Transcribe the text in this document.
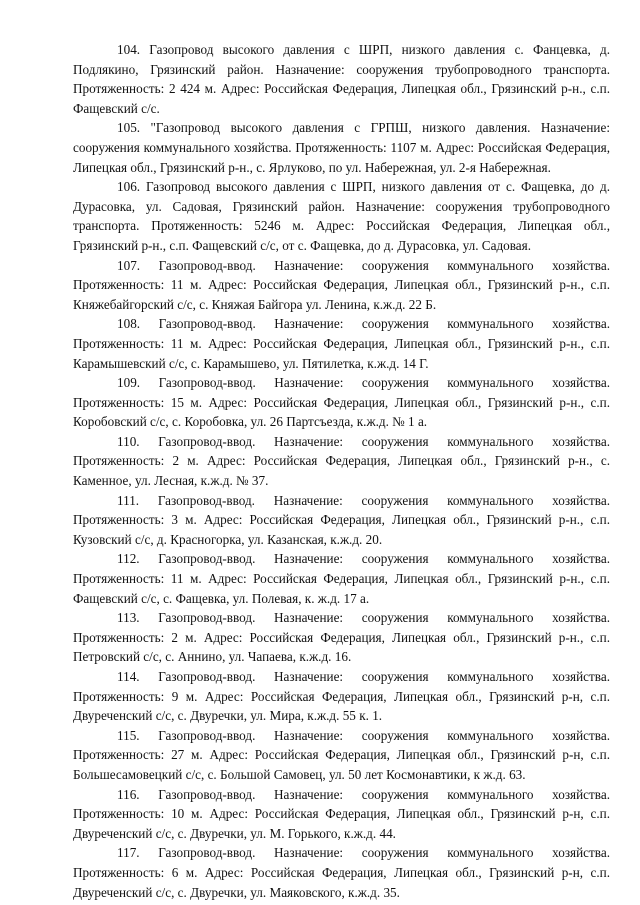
104. Газопровод высокого давления с ШРП, низкого давления с. Фанцевка, д. Подлякино, Грязинский район. Назначение: сооружения трубопроводного транспорта. Протяженность: 2 424 м. Адрес: Российская Федерация, Липецкая обл., Грязинский р-н., с.п. Фащевский с/с.

105. "Газопровод высокого давления с ГРПШ, низкого давления. Назначение: сооружения коммунального хозяйства. Протяженность: 1107 м. Адрес: Российская Федерация, Липецкая обл., Грязинский р-н., с. Ярлуково, по ул. Набережная, ул. 2-я Набережная.

106. Газопровод высокого давления с ШРП, низкого давления от с. Фащевка, до д. Дурасовка, ул. Садовая, Грязинский район. Назначение: сооружения трубопроводного транспорта. Протяженность: 5246 м. Адрес: Российская Федерация, Липецкая обл., Грязинский р-н., с.п. Фащевский с/с, от с. Фащевка, до д. Дурасовка, ул. Садовая.

107. Газопровод-ввод. Назначение: сооружения коммунального хозяйства. Протяженность: 11 м. Адрес: Российская Федерация, Липецкая обл., Грязинский р-н., с.п. Княжебайгорский с/с, с. Княжая Байгора ул. Ленина, к.ж.д. 22 Б.

108. Газопровод-ввод. Назначение: сооружения коммунального хозяйства. Протяженность: 11 м. Адрес: Российская Федерация, Липецкая обл., Грязинский р-н., с.п. Карамышевский с/с, с. Карамышево, ул. Пятилетка, к.ж.д. 14 Г.

109. Газопровод-ввод. Назначение: сооружения коммунального хозяйства. Протяженность: 15 м. Адрес: Российская Федерация, Липецкая обл., Грязинский р-н., с.п. Коробовский с/с, с. Коробовка, ул. 26 Партсъезда, к.ж.д. № 1 а.

110. Газопровод-ввод. Назначение: сооружения коммунального хозяйства. Протяженность: 2 м. Адрес: Российская Федерация, Липецкая обл., Грязинский р-н., с. Каменное, ул. Лесная, к.ж.д. № 37.

111. Газопровод-ввод. Назначение: сооружения коммунального хозяйства. Протяженность: 3 м. Адрес: Российская Федерация, Липецкая обл., Грязинский р-н., с.п. Кузовский с/с, д. Красногорка, ул. Казанская, к.ж.д. 20.

112. Газопровод-ввод. Назначение: сооружения коммунального хозяйства. Протяженность: 11 м. Адрес: Российская Федерация, Липецкая обл., Грязинский р-н., с.п. Фащевский с/с, с. Фащевка, ул. Полевая, к. ж.д. 17 а.

113. Газопровод-ввод. Назначение: сооружения коммунального хозяйства. Протяженность: 2 м. Адрес: Российская Федерация, Липецкая обл., Грязинский р-н., с.п. Петровский с/с, с. Аннино, ул. Чапаева, к.ж.д. 16.

114. Газопровод-ввод. Назначение: сооружения коммунального хозяйства. Протяженность: 9 м. Адрес: Российская Федерация, Липецкая обл., Грязинский р-н, с.п. Двуреченский с/с, с. Двуречки, ул. Мира, к.ж.д. 55 к. 1.

115. Газопровод-ввод. Назначение: сооружения коммунального хозяйства. Протяженность: 27 м. Адрес: Российская Федерация, Липецкая обл., Грязинский р-н, с.п. Большесамовецкий с/с, с. Большой Самовец, ул. 50 лет Космонавтики, к ж.д. 63.

116. Газопровод-ввод. Назначение: сооружения коммунального хозяйства. Протяженность: 10 м. Адрес: Российская Федерация, Липецкая обл., Грязинский р-н, с.п. Двуреченский с/с, с. Двуречки, ул. М. Горького, к.ж.д. 44.

117. Газопровод-ввод. Назначение: сооружения коммунального хозяйства. Протяженность: 6 м. Адрес: Российская Федерация, Липецкая обл., Грязинский р-н, с.п. Двуреченский с/с, с. Двуречки, ул. Маяковского, к.ж.д. 35.
